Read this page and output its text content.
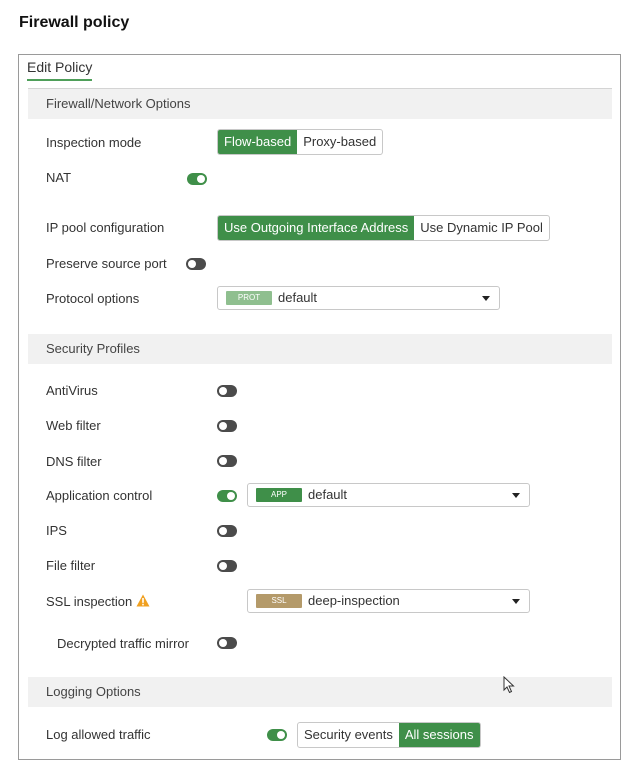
Firewall policy
Edit Policy
Firewall/Network Options
Inspection mode	Flow-based Proxy-based
NAT
IP pool configuration	Use Outgoing Interface Address Use Dynamic IP Pool
Preserve source port
Protocol options	PROT	default
Security Profiles
AntiVirus
Web filter
DNS filter
Application control	APP	default
IPS
File filter
SSL inspection	SSL	deep-inspection
Decrypted traffic mirror
Logging Options
Log allowed traffic	Security events All sessions
